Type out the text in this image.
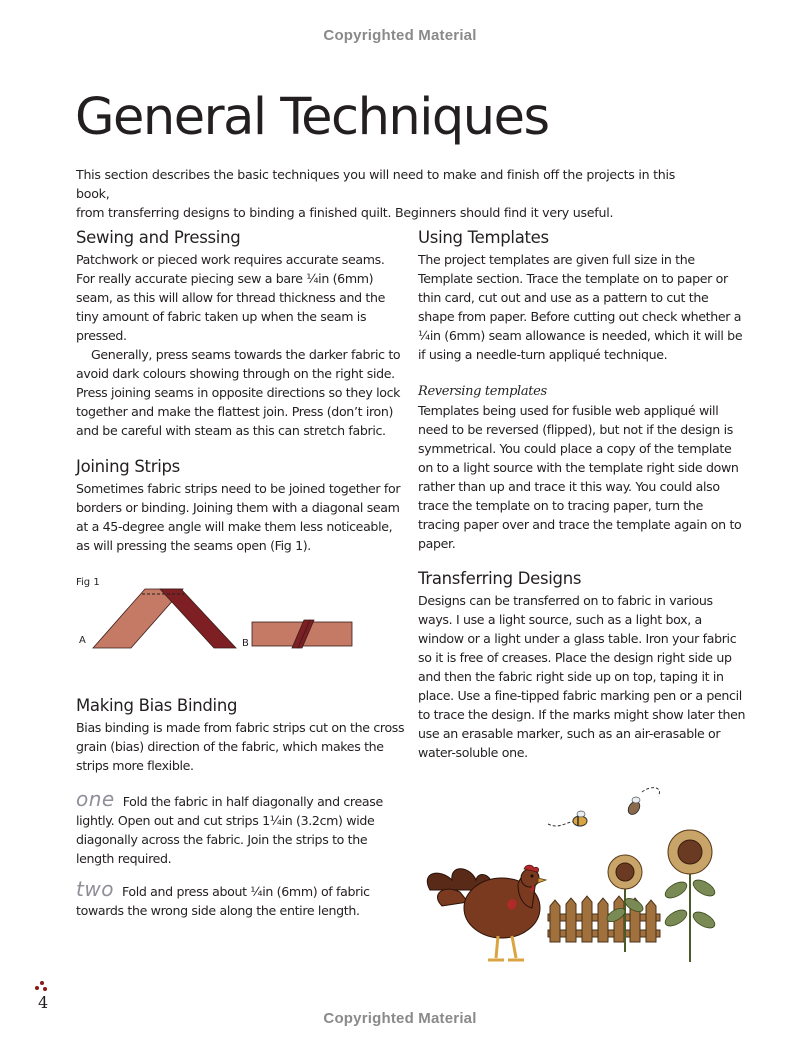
Copyrighted Material
General Techniques

This section describes the basic techniques you will need to make and finish off the projects in this book,
from transferring designs to binding a finished quilt. Beginners should find it very useful.

Sewing and Pressing

Patchwork or pieced work requires accurate seams. For really accurate piecing sew a bare ¼in (6mm) seam, as this will allow for thread thickness and the tiny amount of fabric taken up when the seam is pressed.

Generally, press seams towards the darker fabric to avoid dark colours showing through on the right side. Press joining seams in opposite directions so they lock together and make the flattest join. Press (don’t iron) and be careful with steam as this can stretch fabric.

Joining Strips

Sometimes fabric strips need to be joined together for borders or binding. Joining them with a diagonal seam at a 45-degree angle will make them less noticeable, as will pressing the seams open (Fig 1).

Fig 1
A	B
Making Bias Binding

Bias binding is made from fabric strips cut on the cross grain (bias) direction of the fabric, which makes the strips more flexible.

one Fold the fabric in half diagonally and crease lightly. Open out and cut strips 1¼in (3.2cm) wide diagonally across the fabric. Join the strips to the length required.

two Fold and press about ¼in (6mm) of fabric towards the wrong side along the entire length.

Using Templates

The project templates are given full size in the Template section. Trace the template on to paper or thin card, cut out and use as a pattern to cut the shape from paper. Before cutting out check whether a ¼in (6mm) seam allowance is needed, which it will be if using a needle-turn appliqué technique.

Reversing templates

Templates being used for fusible web appliqué will need to be reversed (flipped), but not if the design is symmetrical. You could place a copy of the template on to a light source with the template right side down rather than up and trace it this way. You could also trace the template on to tracing paper, turn the tracing paper over and trace the template again on to paper.

Transferring Designs

Designs can be transferred on to fabric in various ways. I use a light source, such as a light box, a window or a light under a glass table. Iron your fabric so it is free of creases. Place the design right side up and then the fabric right side up on top, taping it in place. Use a fine-tipped fabric marking pen or a pencil to trace the design. If the marks might show later then use an erasable marker, such as an air-erasable or water-soluble one.

4
Copyrighted Material
